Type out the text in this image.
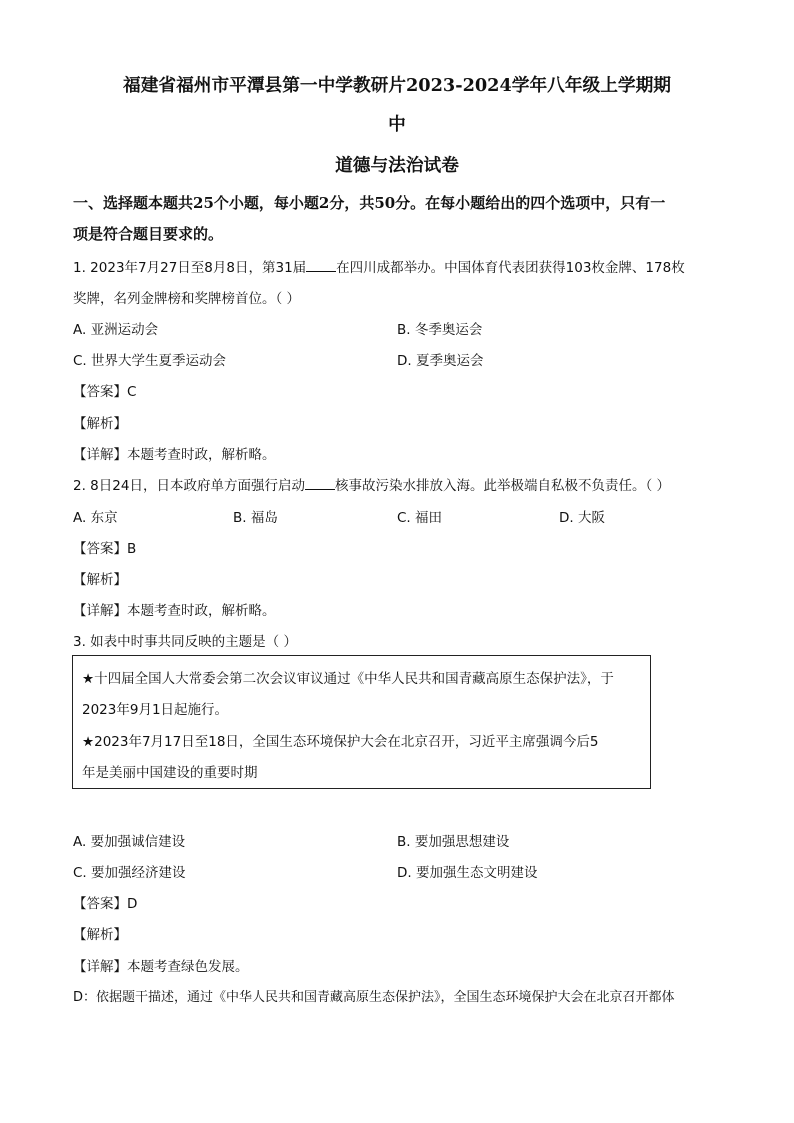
福建省福州市平潭县第一中学教研片2023-2024学年八年级上学期期
中
道德与法治试卷
一、选择题本题共25个小题，每小题2分，共50分。在每小题给出的四个选项中，只有一
项是符合题目要求的。
1. 2023年7月27日至8月8日，第31届 在四川成都举办。中国体育代表团获得103枚金牌、178枚
奖牌，名列金牌榜和奖牌榜首位。（ ）
A. 亚洲运动会	B. 冬季奥运会
C. 世界大学生夏季运动会	D. 夏季奥运会
【答案】C
【解析】
【详解】本题考查时政，解析略。
2. 8日24日，日本政府单方面强行启动 核事故污染水排放入海。此举极端自私极不负责任。（ ）
A. 东京	B. 福岛	C. 福田	D. 大阪
【答案】B
【解析】
【详解】本题考查时政，解析略。
3. 如表中时事共同反映的主题是（ ）
★十四届全国人大常委会第二次会议审议通过《中华人民共和国青藏高原生态保护法》，于
2023年9月1日起施行。
★2023年7月17日至18日，全国生态环境保护大会在北京召开，习近平主席强调今后5
年是美丽中国建设的重要时期
A. 要加强诚信建设	B. 要加强思想建设
C. 要加强经济建设	D. 要加强生态文明建设
【答案】D
【解析】
【详解】本题考查绿色发展。
D：依据题干描述，通过《中华人民共和国青藏高原生态保护法》，全国生态环境保护大会在北京召开都体
